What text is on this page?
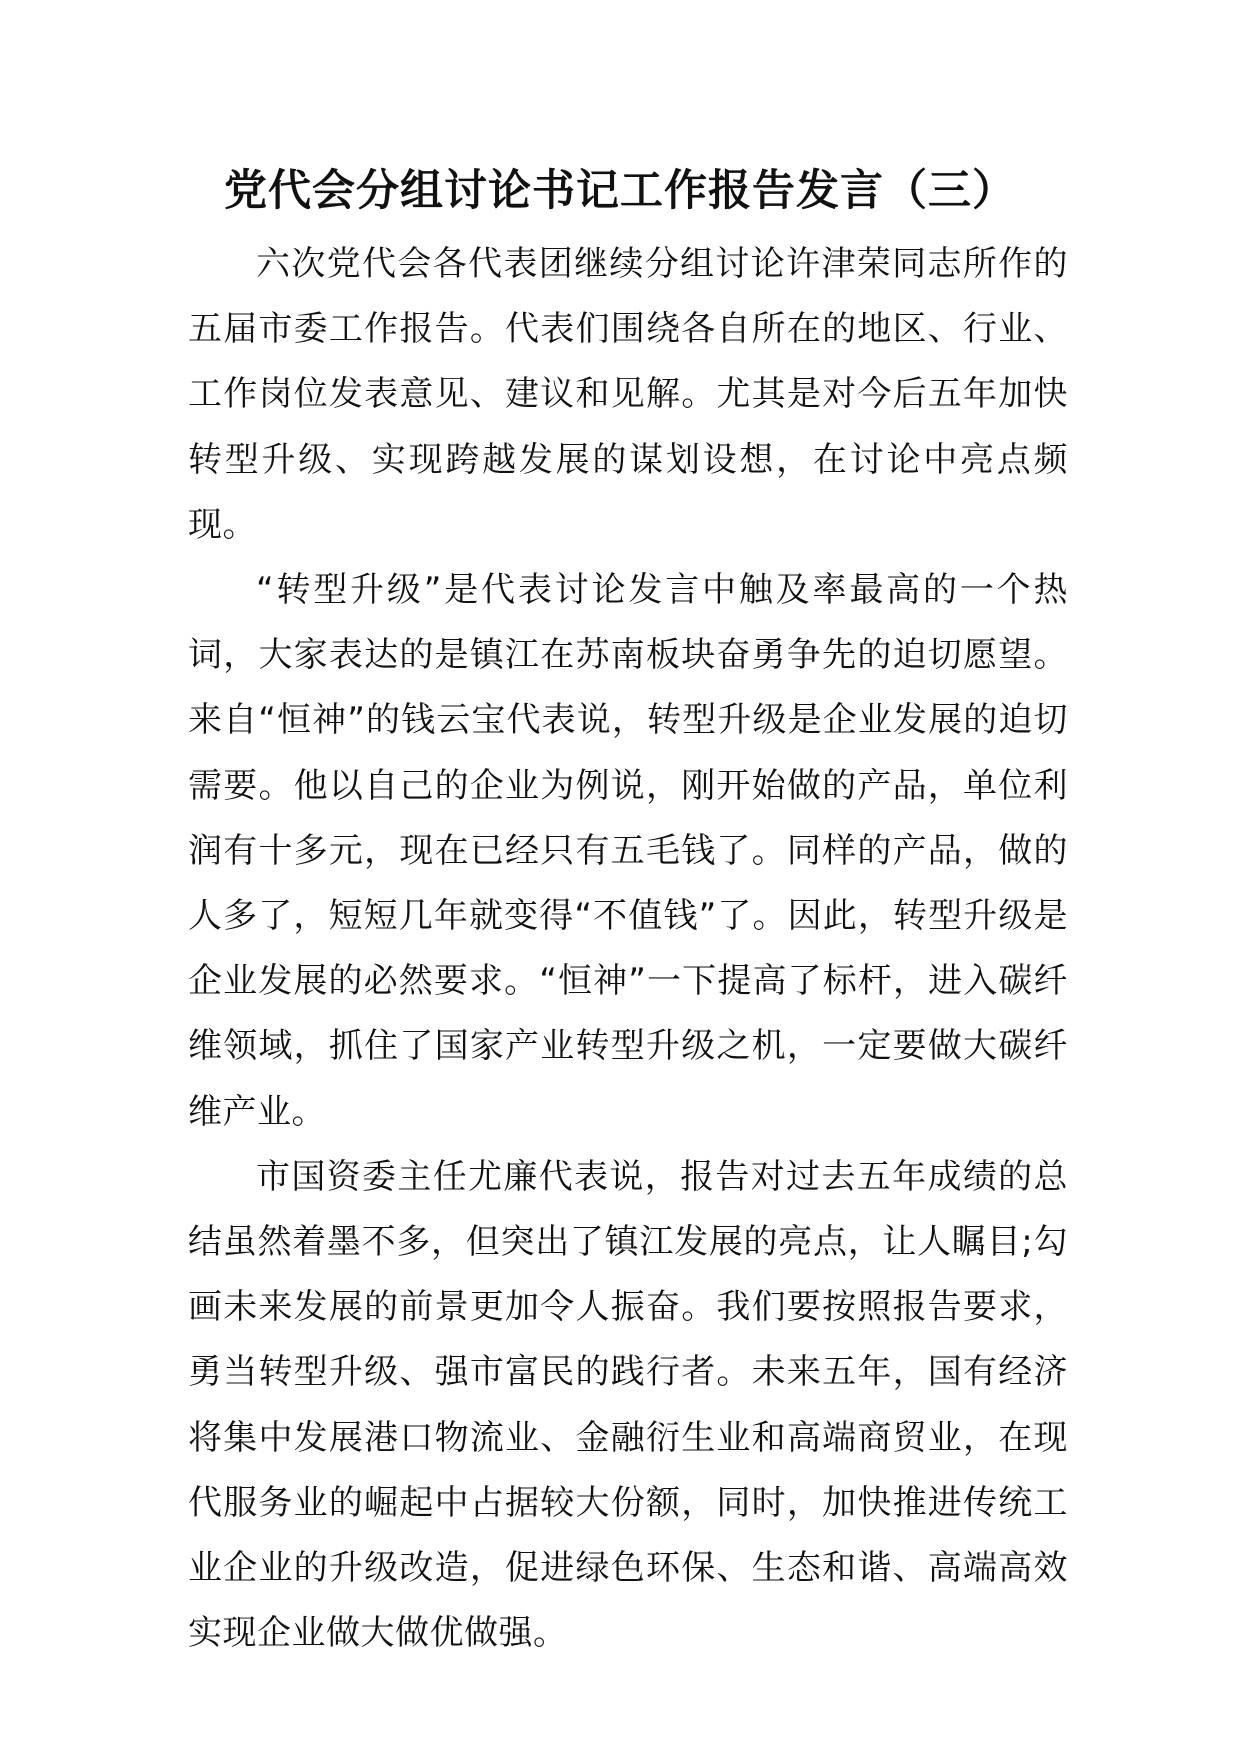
党代会分组讨论书记工作报告发言（三）

六次党代会各代表团继续分组讨论许津荣同志所作的五届市委工作报告。代表们围绕各自所在的地区、行业、工作岗位发表意见、建议和见解。尤其是对今后五年加快转型升级、实现跨越发展的谋划设想，在讨论中亮点频现。

“转型升级”是代表讨论发言中触及率最高的一个热词，大家表达的是镇江在苏南板块奋勇争先的迫切愿望。来自“恒神”的钱云宝代表说，转型升级是企业发展的迫切需要。他以自己的企业为例说，刚开始做的产品，单位利润有十多元，现在已经只有五毛钱了。同样的产品，做的人多了，短短几年就变得“不值钱”了。因此，转型升级是企业发展的必然要求。“恒神”一下提高了标杆，进入碳纤维领域，抓住了国家产业转型升级之机，一定要做大碳纤维产业。

市国资委主任尤廉代表说，报告对过去五年成绩的总结虽然着墨不多，但突出了镇江发展的亮点，让人瞩目;勾画未来发展的前景更加令人振奋。我们要按照报告要求，勇当转型升级、强市富民的践行者。未来五年，国有经济将集中发展港口物流业、金融衍生业和高端商贸业，在现代服务业的崛起中占据较大份额，同时，加快推进传统工业企业的升级改造，促进绿色环保、生态和谐、高端高效实现企业做大做优做强。
